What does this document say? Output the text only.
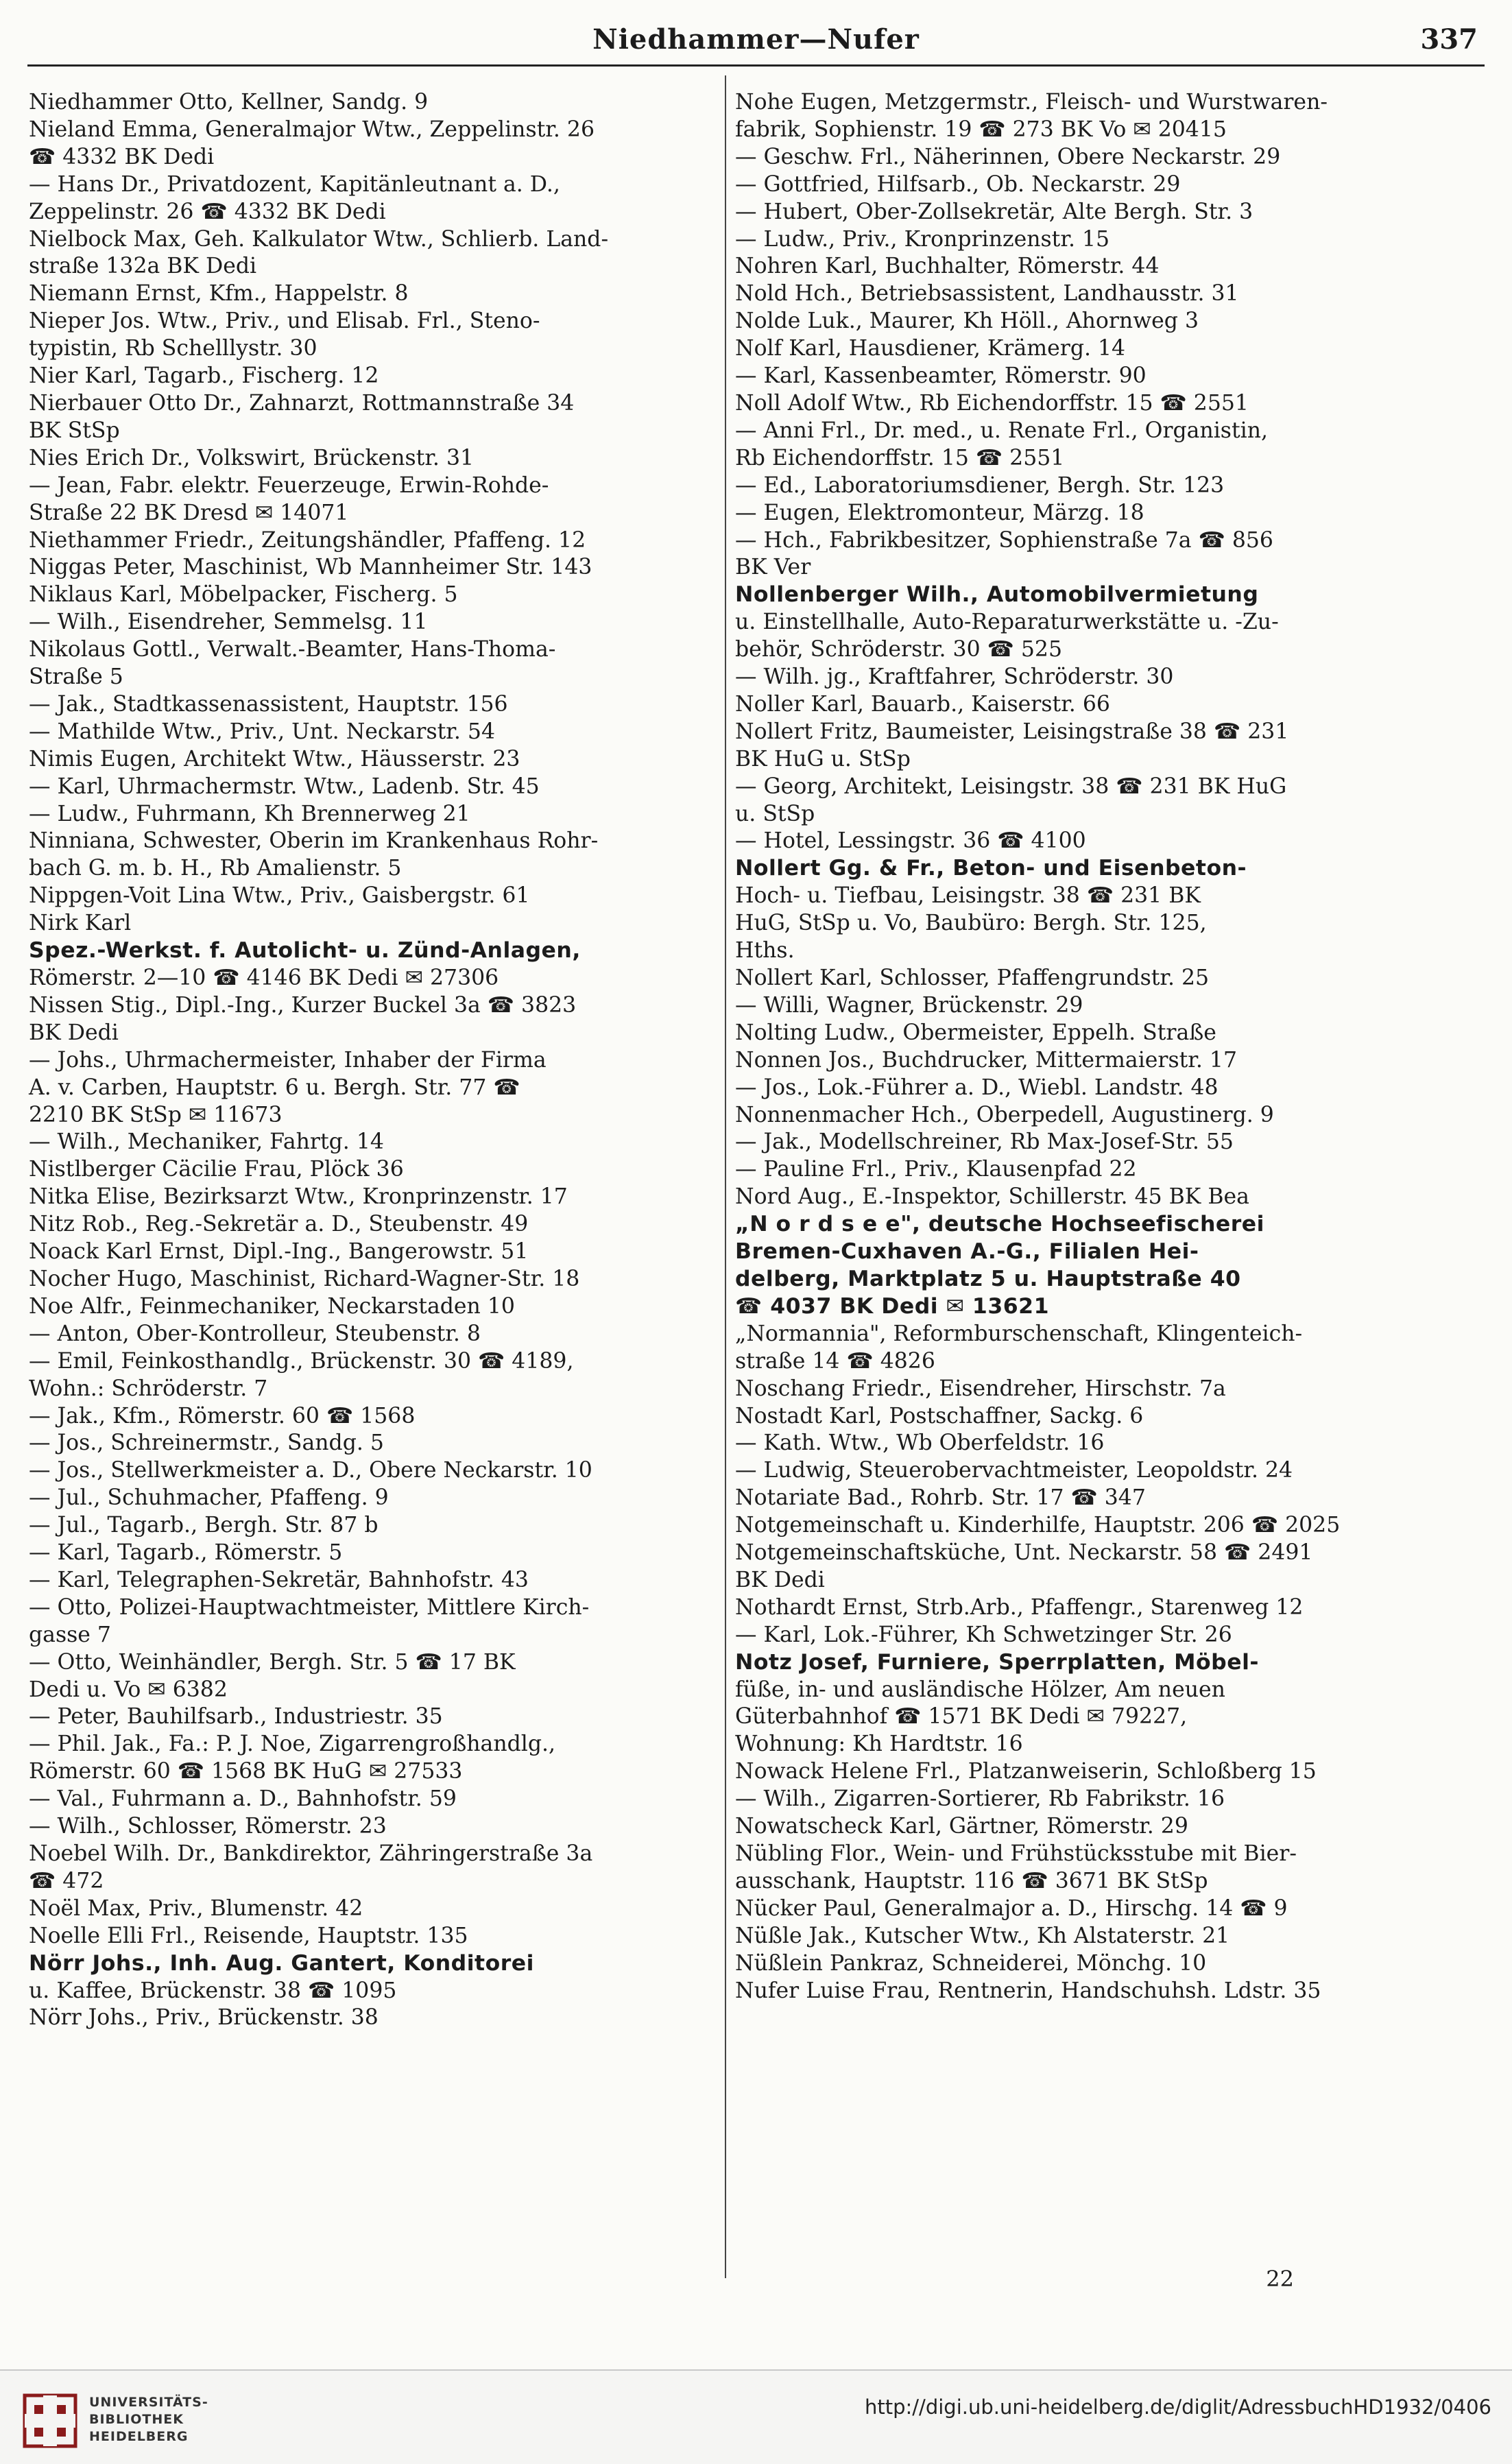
Niedhammer—Nufer	337
Niedhammer Otto, Kellner, Sandg. 9
Nieland Emma, Generalmajor Wtw., Zeppelinstr. 26
☎ 4332 BK Dedi
— Hans Dr., Privatdozent, Kapitänleutnant a. D.,
Zeppelinstr. 26 ☎ 4332 BK Dedi
Nielbock Max, Geh. Kalkulator Wtw., Schlierb. Land-
straße 132a BK Dedi
Niemann Ernst, Kfm., Happelstr. 8
Nieper Jos. Wtw., Priv., und Elisab. Frl., Steno-
typistin, Rb Schelllystr. 30
Nier Karl, Tagarb., Fischerg. 12
Nierbauer Otto Dr., Zahnarzt, Rottmannstraße 34
BK StSp
Nies Erich Dr., Volkswirt, Brückenstr. 31
— Jean, Fabr. elektr. Feuerzeuge, Erwin-Rohde-
Straße 22 BK Dresd ✉ 14071
Niethammer Friedr., Zeitungshändler, Pfaffeng. 12
Niggas Peter, Maschinist, Wb Mannheimer Str. 143
Niklaus Karl, Möbelpacker, Fischerg. 5
— Wilh., Eisendreher, Semmelsg. 11
Nikolaus Gottl., Verwalt.-Beamter, Hans-Thoma-
Straße 5
— Jak., Stadtkassenassistent, Hauptstr. 156
— Mathilde Wtw., Priv., Unt. Neckarstr. 54
Nimis Eugen, Architekt Wtw., Häusserstr. 23
— Karl, Uhrmachermstr. Wtw., Ladenb. Str. 45
— Ludw., Fuhrmann, Kh Brennerweg 21
Ninniana, Schwester, Oberin im Krankenhaus Rohr-
bach G. m. b. H., Rb Amalienstr. 5
Nippgen-Voit Lina Wtw., Priv., Gaisbergstr. 61
Nirk Karl
Spez.-Werkst. f. Autolicht- u. Zünd-Anlagen,
Römerstr. 2—10 ☎ 4146 BK Dedi ✉ 27306
Nissen Stig., Dipl.-Ing., Kurzer Buckel 3a ☎ 3823
BK Dedi
— Johs., Uhrmachermeister, Inhaber der Firma
A. v. Carben, Hauptstr. 6 u. Bergh. Str. 77 ☎
2210 BK StSp ✉ 11673
— Wilh., Mechaniker, Fahrtg. 14
Nistlberger Cäcilie Frau, Plöck 36
Nitka Elise, Bezirksarzt Wtw., Kronprinzenstr. 17
Nitz Rob., Reg.-Sekretär a. D., Steubenstr. 49
Noack Karl Ernst, Dipl.-Ing., Bangerowstr. 51
Nocher Hugo, Maschinist, Richard-Wagner-Str. 18
Noe Alfr., Feinmechaniker, Neckarstaden 10
— Anton, Ober-Kontrolleur, Steubenstr. 8
— Emil, Feinkosthandlg., Brückenstr. 30 ☎ 4189,
Wohn.: Schröderstr. 7
— Jak., Kfm., Römerstr. 60 ☎ 1568
— Jos., Schreinermstr., Sandg. 5
— Jos., Stellwerkmeister a. D., Obere Neckarstr. 10
— Jul., Schuhmacher, Pfaffeng. 9
— Jul., Tagarb., Bergh. Str. 87 b
— Karl, Tagarb., Römerstr. 5
— Karl, Telegraphen-Sekretär, Bahnhofstr. 43
— Otto, Polizei-Hauptwachtmeister, Mittlere Kirch-
gasse 7
— Otto, Weinhändler, Bergh. Str. 5 ☎ 17 BK
Dedi u. Vo ✉ 6382
— Peter, Bauhilfsarb., Industriestr. 35
— Phil. Jak., Fa.: P. J. Noe, Zigarrengroßhandlg.,
Römerstr. 60 ☎ 1568 BK HuG ✉ 27533
— Val., Fuhrmann a. D., Bahnhofstr. 59
— Wilh., Schlosser, Römerstr. 23
Noebel Wilh. Dr., Bankdirektor, Zähringerstraße 3a
☎ 472
Noël Max, Priv., Blumenstr. 42
Noelle Elli Frl., Reisende, Hauptstr. 135
Nörr Johs., Inh. Aug. Gantert, Konditorei
u. Kaffee, Brückenstr. 38 ☎ 1095
Nörr Johs., Priv., Brückenstr. 38
Nohe Eugen, Metzgermstr., Fleisch- und Wurstwaren-
fabrik, Sophienstr. 19 ☎ 273 BK Vo ✉ 20415
— Geschw. Frl., Näherinnen, Obere Neckarstr. 29
— Gottfried, Hilfsarb., Ob. Neckarstr. 29
— Hubert, Ober-Zollsekretär, Alte Bergh. Str. 3
— Ludw., Priv., Kronprinzenstr. 15
Nohren Karl, Buchhalter, Römerstr. 44
Nold Hch., Betriebsassistent, Landhausstr. 31
Nolde Luk., Maurer, Kh Höll., Ahornweg 3
Nolf Karl, Hausdiener, Krämerg. 14
— Karl, Kassenbeamter, Römerstr. 90
Noll Adolf Wtw., Rb Eichendorffstr. 15 ☎ 2551
— Anni Frl., Dr. med., u. Renate Frl., Organistin,
Rb Eichendorffstr. 15 ☎ 2551
— Ed., Laboratoriumsdiener, Bergh. Str. 123
— Eugen, Elektromonteur, Märzg. 18
— Hch., Fabrikbesitzer, Sophienstraße 7a ☎ 856
BK Ver
Nollenberger Wilh., Automobilvermietung
u. Einstellhalle, Auto-Reparaturwerkstätte u. -Zu-
behör, Schröderstr. 30 ☎ 525
— Wilh. jg., Kraftfahrer, Schröderstr. 30
Noller Karl, Bauarb., Kaiserstr. 66
Nollert Fritz, Baumeister, Leisingstraße 38 ☎ 231
BK HuG u. StSp
— Georg, Architekt, Leisingstr. 38 ☎ 231 BK HuG
u. StSp
— Hotel, Lessingstr. 36 ☎ 4100
Nollert Gg. & Fr., Beton- und Eisenbeton-
Hoch- u. Tiefbau, Leisingstr. 38 ☎ 231 BK
HuG, StSp u. Vo, Baubüro: Bergh. Str. 125,
Hths.
Nollert Karl, Schlosser, Pfaffengrundstr. 25
— Willi, Wagner, Brückenstr. 29
Nolting Ludw., Obermeister, Eppelh. Straße
Nonnen Jos., Buchdrucker, Mittermaierstr. 17
— Jos., Lok.-Führer a. D., Wiebl. Landstr. 48
Nonnenmacher Hch., Oberpedell, Augustinerg. 9
— Jak., Modellschreiner, Rb Max-Josef-Str. 55
— Pauline Frl., Priv., Klausenpfad 22
Nord Aug., E.-Inspektor, Schillerstr. 45 BK Bea
„N o r d s e e", deutsche Hochseefischerei
Bremen-Cuxhaven A.-G., Filialen Hei-
delberg, Marktplatz 5 u. Hauptstraße 40
☎ 4037 BK Dedi ✉ 13621
„Normannia", Reformburschenschaft, Klingenteich-
straße 14 ☎ 4826
Noschang Friedr., Eisendreher, Hirschstr. 7a
Nostadt Karl, Postschaffner, Sackg. 6
— Kath. Wtw., Wb Oberfeldstr. 16
— Ludwig, Steuerobervachtmeister, Leopoldstr. 24
Notariate Bad., Rohrb. Str. 17 ☎ 347
Notgemeinschaft u. Kinderhilfe, Hauptstr. 206 ☎ 2025
Notgemeinschaftsküche, Unt. Neckarstr. 58 ☎ 2491
BK Dedi
Nothardt Ernst, Strb.Arb., Pfaffengr., Starenweg 12
— Karl, Lok.-Führer, Kh Schwetzinger Str. 26
Notz Josef, Furniere, Sperrplatten, Möbel-
füße, in- und ausländische Hölzer, Am neuen
Güterbahnhof ☎ 1571 BK Dedi ✉ 79227,
Wohnung: Kh Hardtstr. 16
Nowack Helene Frl., Platzanweiserin, Schloßberg 15
— Wilh., Zigarren-Sortierer, Rb Fabrikstr. 16
Nowatscheck Karl, Gärtner, Römerstr. 29
Nübling Flor., Wein- und Frühstücksstube mit Bier-
ausschank, Hauptstr. 116 ☎ 3671 BK StSp
Nücker Paul, Generalmajor a. D., Hirschg. 14 ☎ 9
Nüßle Jak., Kutscher Wtw., Kh Alstaterstr. 21
Nüßlein Pankraz, Schneiderei, Mönchg. 10
Nufer Luise Frau, Rentnerin, Handschuhsh. Ldstr. 35
22
UNIVERSITÄTS-
BIBLIOTHEK
HEIDELBERG
http://digi.ub.uni-heidelberg.de/diglit/AdressbuchHD1932/0406
